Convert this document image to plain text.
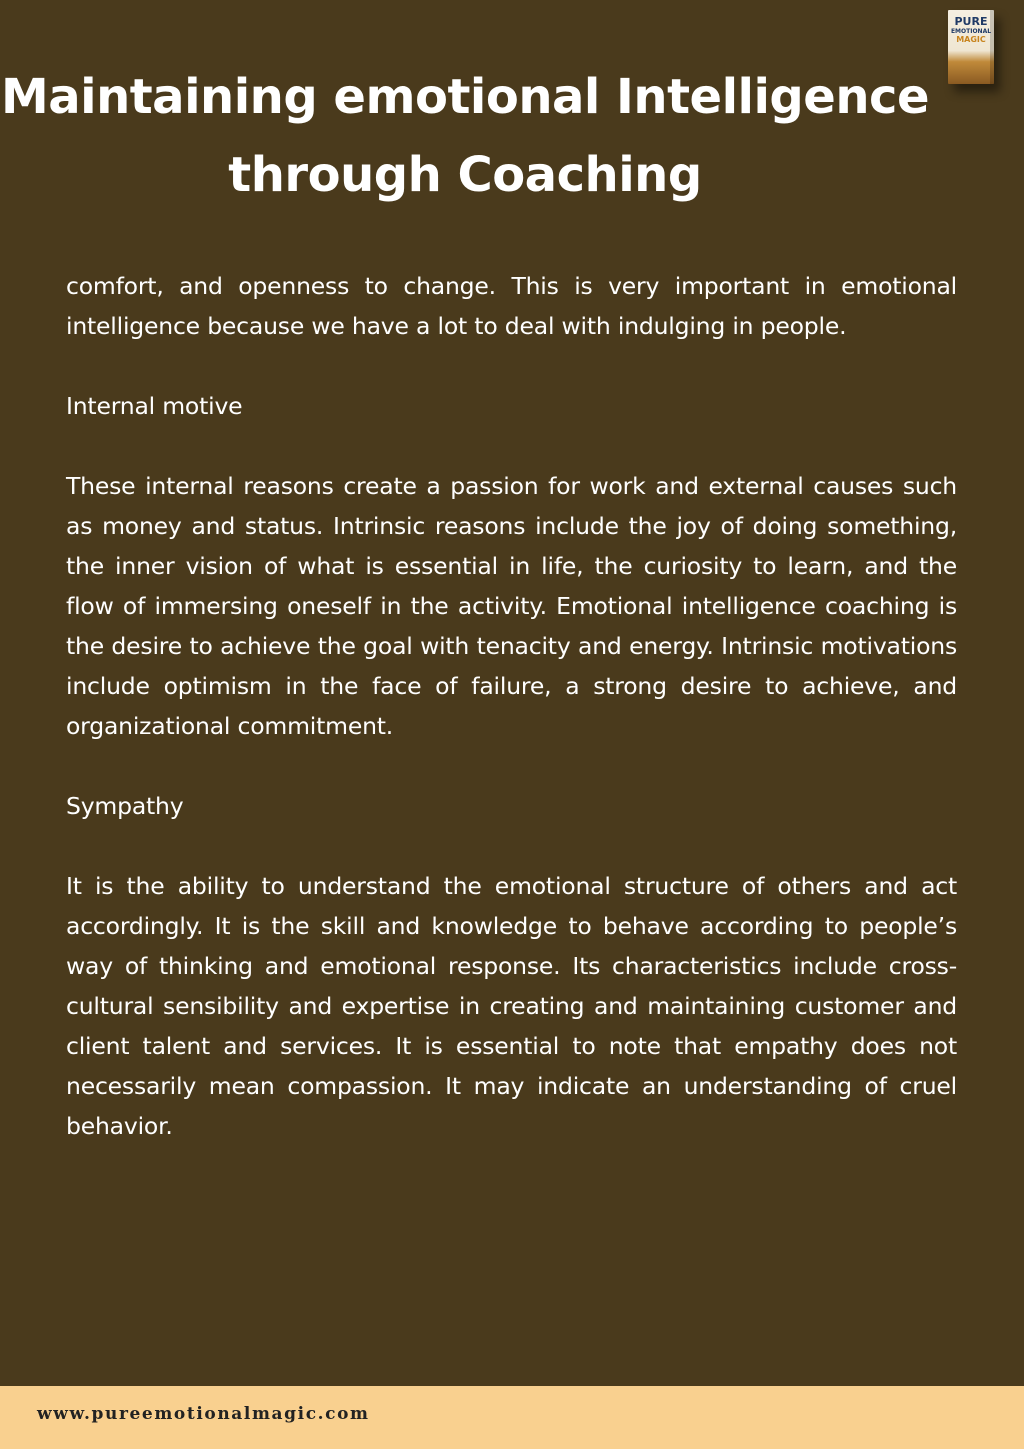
Maintaining emotional Intelligence
through Coaching
PURE
EMOTIONAL
MAGIC

comfort, and openness to change. This is very important in emotional intelligence because we have a lot to deal with indulging in people.

Internal motive

These internal reasons create a passion for work and external causes such as money and status. Intrinsic reasons include the joy of doing something, the inner vision of what is essential in life, the curiosity to learn, and the flow of immersing oneself in the activity. Emotional intelligence coaching is the desire to achieve the goal with tenacity and energy. Intrinsic motivations include optimism in the face of failure, a strong desire to achieve, and organizational commitment.

Sympathy

It is the ability to understand the emotional structure of others and act accordingly. It is the skill and knowledge to behave according to people’s way of thinking and emotional response. Its characteristics include cross-cultural sensibility and expertise in creating and maintaining customer and client talent and services. It is essential to note that empathy does not necessarily mean compassion. It may indicate an understanding of cruel behavior.

www.pureemotionalmagic.com
